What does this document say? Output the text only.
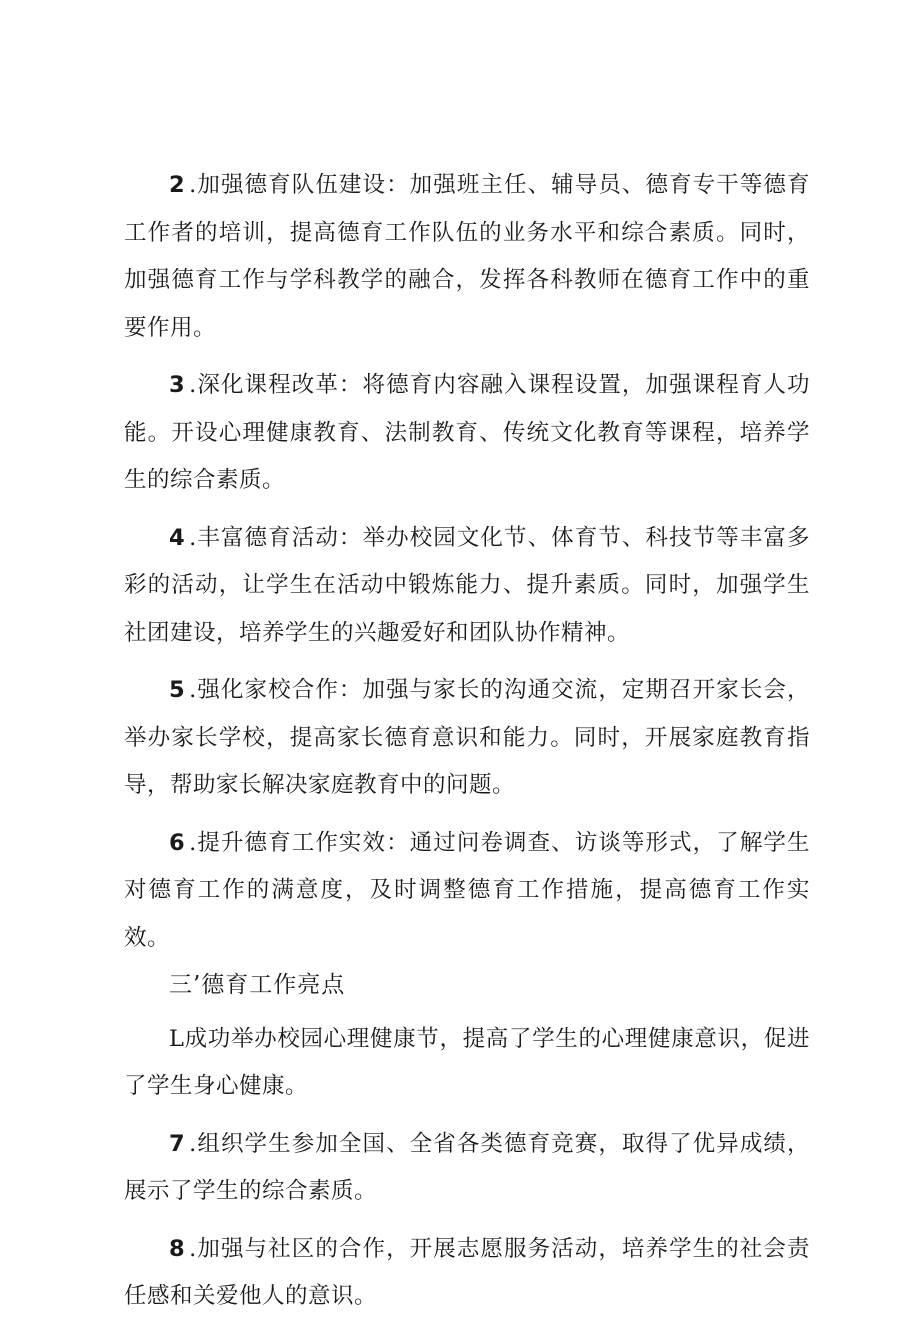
2 .加强德育队伍建设：加强班主任、辅导员、德育专干等德育工作者的培训，提高德育工作队伍的业务水平和综合素质。同时，加强德育工作与学科教学的融合，发挥各科教师在德育工作中的重要作用。

3 .深化课程改革：将德育内容融入课程设置，加强课程育人功能。开设心理健康教育、法制教育、传统文化教育等课程，培养学生的综合素质。

4 .丰富德育活动：举办校园文化节、体育节、科技节等丰富多彩的活动，让学生在活动中锻炼能力、提升素质。同时，加强学生社团建设，培养学生的兴趣爱好和团队协作精神。

5 .强化家校合作：加强与家长的沟通交流，定期召开家长会，举办家长学校，提高家长德育意识和能力。同时，开展家庭教育指导，帮助家长解决家庭教育中的问题。

6 .提升德育工作实效：通过问卷调查、访谈等形式，了解学生对德育工作的满意度，及时调整德育工作措施，提高德育工作实效。

三’德育工作亮点

L成功举办校园心理健康节，提高了学生的心理健康意识，促进了学生身心健康。

7 .组织学生参加全国、全省各类德育竞赛，取得了优异成绩，展示了学生的综合素质。

8 .加强与社区的合作，开展志愿服务活动，培养学生的社会责任感和关爱他人的意识。
